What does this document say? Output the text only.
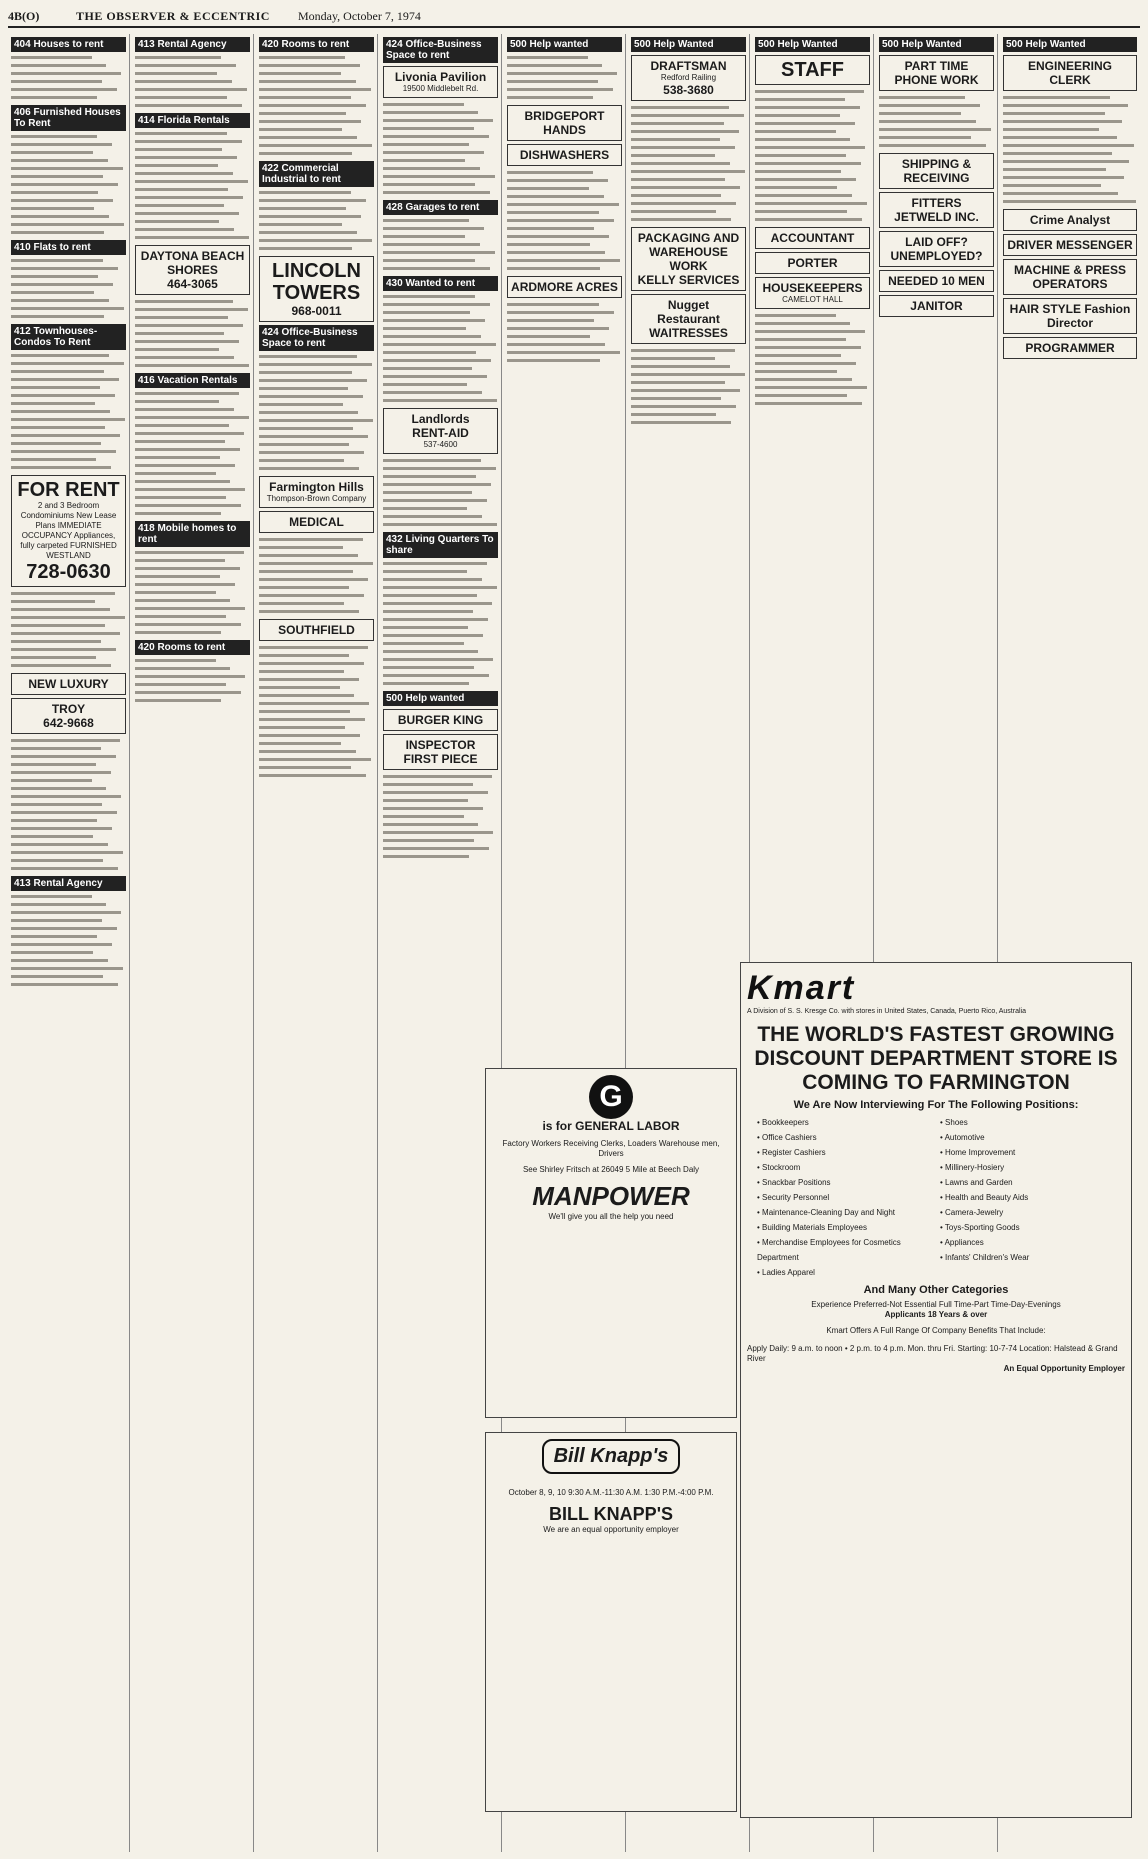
4B(O)	THE OBSERVER & ECCENTRIC Monday, October 7, 1974
404 Houses to rent
406 Furnished Houses To Rent
410 Flats to rent
412 Townhouses-Condos To Rent
FOR RENT
2 and 3 Bedroom Condominiums New Lease Plans IMMEDIATE OCCUPANCY Appliances, fully carpeted FURNISHED WESTLAND
728-0630
NEW LUXURY
TROY
642-9668
413 Rental Agency
413 Rental Agency
414 Florida Rentals
DAYTONA BEACH SHORES
464-3065
416 Vacation Rentals
418 Mobile homes to rent
420 Rooms to rent
420 Rooms to rent
422 Commercial Industrial to rent
LINCOLN TOWERS
968-0011
424 Office-Business Space to rent
Farmington Hills
Thompson-Brown Company
MEDICAL
SOUTHFIELD
424 Office-Business Space to rent
Livonia Pavilion
19500 Middlebelt Rd.
428 Garages to rent
430 Wanted to rent
Landlords
RENT-AID
537-4600
432 Living Quarters To share
500 Help wanted
BURGER KING
INSPECTOR FIRST PIECE
500 Help wanted
BRIDGEPORT HANDS
DISHWASHERS
ARDMORE ACRES
500 Help Wanted
DRAFTSMAN
Redford Railing
538-3680
PACKAGING AND WAREHOUSE WORK
KELLY SERVICES
Nugget Restaurant
WAITRESSES
500 Help Wanted
STAFF
ACCOUNTANT
PORTER
HOUSEKEEPERS
CAMELOT HALL
500 Help Wanted
PART TIME PHONE WORK
SHIPPING & RECEIVING
FITTERS
JETWELD INC.
LAID OFF? UNEMPLOYED?
NEEDED 10 MEN
JANITOR
500 Help Wanted
ENGINEERING CLERK
Crime Analyst
DRIVER MESSENGER
MACHINE & PRESS OPERATORS
HAIR STYLE Fashion Director
PROGRAMMER
G
is for GENERAL LABOR
Factory Workers Receiving Clerks, Loaders Warehouse men, Drivers
See Shirley Fritsch at 26049 5 Mile at Beech Daly
MANPOWER
We'll give you all the help you need
Bill Knapp's
October 8, 9, 10 9:30 A.M.-11:30 A.M. 1:30 P.M.-4:00 P.M.
BILL KNAPP'S
We are an equal opportunity employer
Kmart
A Division of S. S. Kresge Co. with stores in United States, Canada, Puerto Rico, Australia
THE WORLD'S FASTEST GROWING DISCOUNT DEPARTMENT STORE IS COMING TO FARMINGTON
We Are Now Interviewing For The Following Positions:
• Bookkeepers
• Office Cashiers
• Register Cashiers
• Stockroom
• Snackbar Positions
• Security Personnel
• Maintenance-Cleaning Day and Night
• Building Materials Employees
• Merchandise Employees for Cosmetics Department
• Ladies Apparel
• Shoes
• Automotive
• Home Improvement
• Millinery-Hosiery
• Lawns and Garden
• Health and Beauty Aids
• Camera-Jewelry
• Toys-Sporting Goods
• Appliances
• Infants' Children's Wear
And Many Other Categories
Experience Preferred-Not Essential Full Time-Part Time-Day-Evenings
Applicants 18 Years & over
Kmart Offers A Full Range Of Company Benefits That Include:
Apply Daily: 9 a.m. to noon • 2 p.m. to 4 p.m. Mon. thru Fri. Starting: 10-7-74 Location: Halstead & Grand River
An Equal Opportunity Employer
